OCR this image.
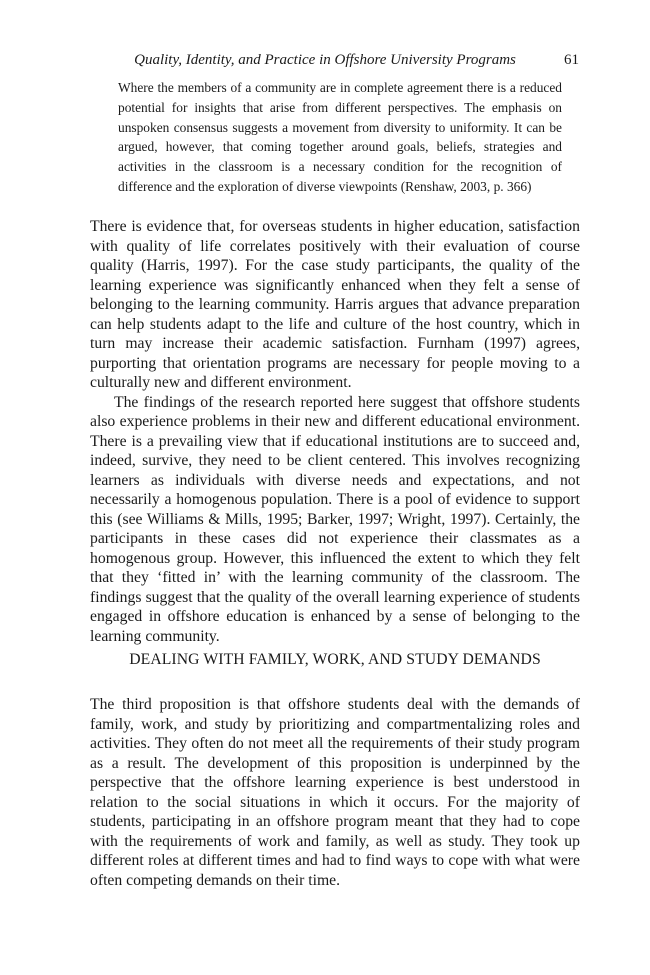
Quality, Identity, and Practice in Offshore University Programs	61

Where the members of a community are in complete agreement there is a reduced potential for insights that arise from different perspectives. The emphasis on unspoken consensus suggests a movement from diversity to uniformity. It can be argued, however, that coming together around goals, beliefs, strategies and activities in the classroom is a necessary condition for the recognition of difference and the exploration of diverse viewpoints (Renshaw, 2003, p. 366)

There is evidence that, for overseas students in higher education, satisfaction with quality of life correlates positively with their evaluation of course quality (Harris, 1997). For the case study participants, the quality of the learning experience was significantly enhanced when they felt a sense of belonging to the learning community. Harris argues that advance preparation can help students adapt to the life and culture of the host country, which in turn may increase their academic satisfaction. Furnham (1997) agrees, purporting that orientation programs are necessary for people moving to a culturally new and different environment.

The findings of the research reported here suggest that offshore students also experience problems in their new and different educational environment. There is a prevailing view that if educational institutions are to succeed and, indeed, survive, they need to be client centered. This involves recognizing learners as individuals with diverse needs and expectations, and not necessarily a homogenous population. There is a pool of evidence to support this (see Williams & Mills, 1995; Barker, 1997; Wright, 1997). Certainly, the participants in these cases did not experience their classmates as a homogenous group. However, this influenced the extent to which they felt that they ‘fitted in’ with the learning community of the classroom. The findings suggest that the quality of the overall learning experience of students engaged in offshore education is enhanced by a sense of belonging to the learning community.

DEALING WITH FAMILY, WORK, AND STUDY DEMANDS

The third proposition is that offshore students deal with the demands of family, work, and study by prioritizing and compartmentalizing roles and activities. They often do not meet all the requirements of their study program as a result. The development of this proposition is underpinned by the perspective that the offshore learning experience is best understood in relation to the social situations in which it occurs. For the majority of students, participating in an offshore program meant that they had to cope with the requirements of work and family, as well as study. They took up different roles at different times and had to find ways to cope with what were often competing demands on their time.
